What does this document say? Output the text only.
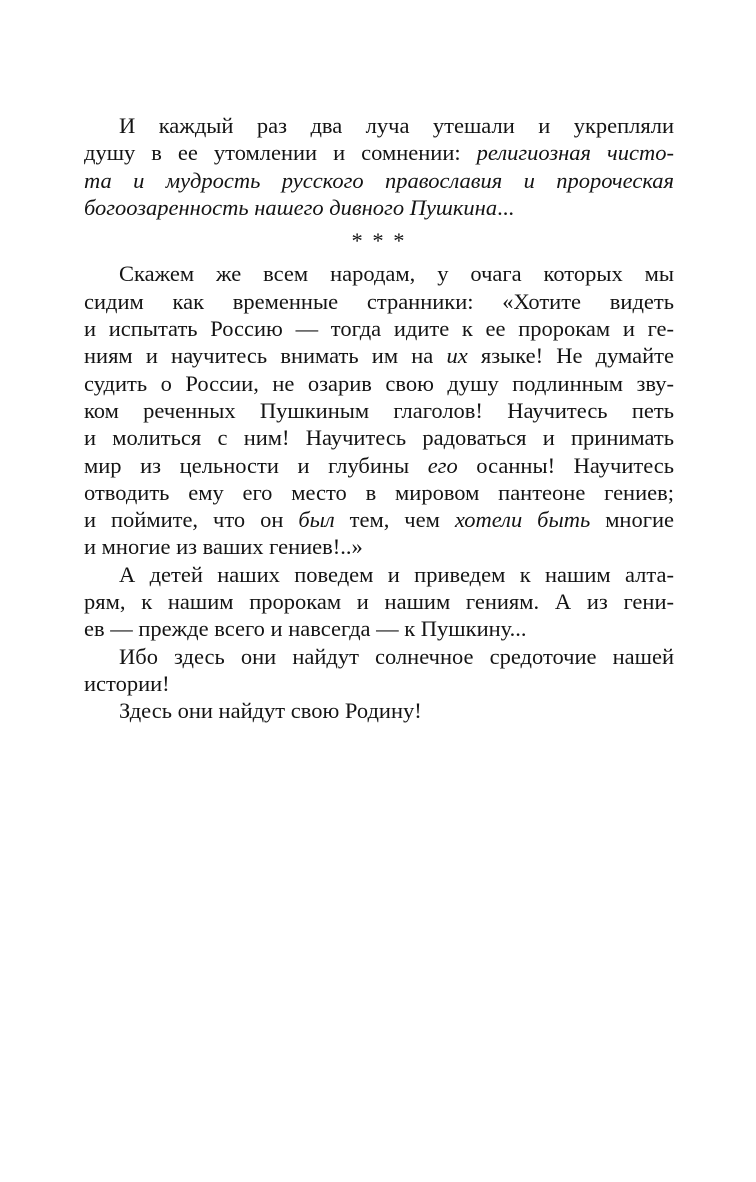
И каждый раз два луча утешали и укрепляли
душу в ее утомлении и сомнении: религиозная чисто-
та и мудрость русского православия и пророческая
богоозаренность нашего дивного Пушкина...
* * *
Скажем же всем народам, у очага которых мы
сидим как временные странники: «Хотите видеть
и испытать Россию — тогда идите к ее пророкам и ге-
ниям и научитесь внимать им на их языке! Не думайте
судить о России, не озарив свою душу подлинным зву-
ком реченных Пушкиным глаголов! Научитесь петь
и молиться с ним! Научитесь радоваться и принимать
мир из цельности и глубины его осанны! Научитесь
отводить ему его место в мировом пантеоне гениев;
и поймите, что он был тем, чем хотели быть многие
и многие из ваших гениев!..»
А детей наших поведем и приведем к нашим алта-
рям, к нашим пророкам и нашим гениям. А из гени-
ев — прежде всего и навсегда — к Пушкину...
Ибо здесь они найдут солнечное средоточие нашей
истории!
Здесь они найдут свою Родину!
